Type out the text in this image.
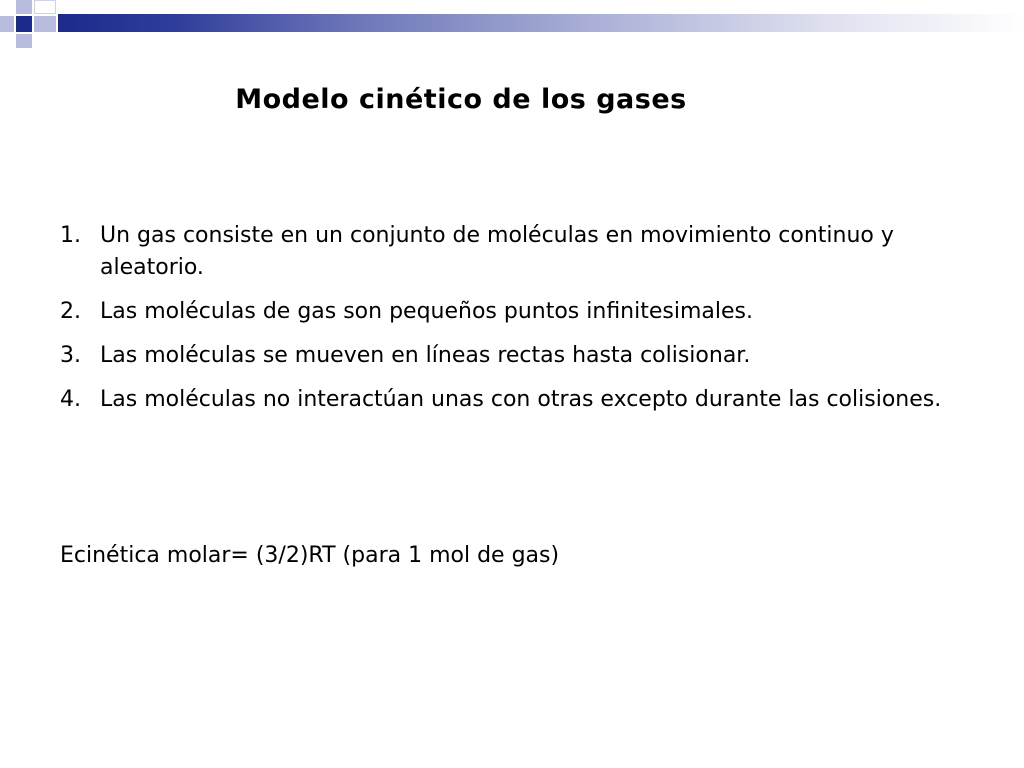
Modelo cinético de los gases
1. Un gas consiste en un conjunto de moléculas en movimiento continuo y aleatorio.
2. Las moléculas de gas son pequeños puntos infinitesimales.
3. Las moléculas se mueven en líneas rectas hasta colisionar.
4. Las moléculas no interactúan unas con otras excepto durante las colisiones.
Ecinética molar= (3/2)RT (para 1 mol de gas)
